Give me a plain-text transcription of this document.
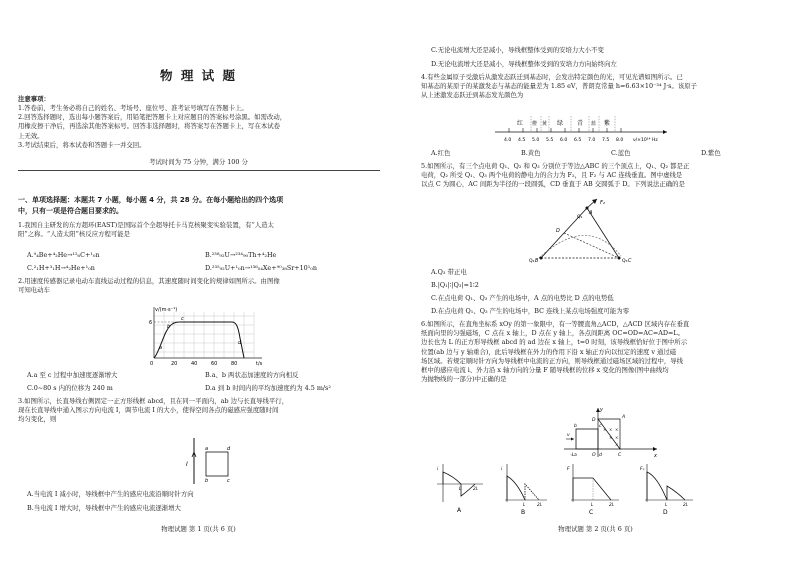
物 理 试 题
注意事项：
1.答卷前，考生务必将自己的姓名、考场号、座位号、准考证号填写在答题卡上。
2.回答选择题时，选出每小题答案后，用铅笔把答题卡上对应题目的答案标号涂黑。如需改动，
用橡皮擦干净后，再选涂其他答案标号。回答非选择题时，将答案写在答题卡上，写在本试卷
上无效。
3.考试结束后，将本试卷和答题卡一并交回。
考试时间为 75 分钟，满分 100 分
一、单项选择题：本题共 7 小题，每小题 4 分，共 28 分。在每小题给出的四个选项
中，只有一项是符合题目要求的。
1.我国自主研发的东方超环(EAST)是国际首个全超导托卡马克核聚变实验装置，有“人造太
阳”之称。“人造太阳”核反应方程可能是
A.⁹₄Be+⁴₂He→¹²₆C+¹₀n	B.²³⁸₉₂U→²³⁴₉₀Th+⁴₂He
C.²₁H+³₁H→⁴₂He+¹₀n	D.²³⁵₉₂U+¹₀n→¹³⁶₅₄Xe+⁹⁰₃₈Sr+10¹₀n
2.用速度传感器记录电动车直线运动过程的信息，其速度随时间变化的规律如图所示。由图像
可知电动车
v/(m·s⁻¹)
6
0	20	40	60	80	t/s
a
b
c
d
A.a 至 c 过程中加速度逐渐增大	B.a、b 两状态加速度的方向相反
C.0~80 s 内的位移为 240 m	D.a 到 b 时间内的平均加速度约为 4.5 m/s²
3.如图所示，长直导线右侧固定一正方形线框 abcd，且在同一平面内，ab 边与长直导线平行，
现在长直导线中通入图示方向电流 I，调节电流 I 的大小，使得空间各点的磁感应强度随时间
均匀变化，则
I
a	d
b	c
A.当电流 I 减小时，导线框中产生的感应电流沿顺时针方向
B.当电流 I 增大时，导线框中产生的感应电流逐渐增大
物理试题 第 1 页(共 6 页)
C.无论电流增大还是减小，导线框整体受到的安培力大小不变
D.无论电流增大还是减小，导线框整体受到的安培力方向始终向左
4.有些金属原子受激后从激发态跃迁到基态时，会发出特定颜色的光，可见光谱如图所示。已
知基态的某原子的某激发态与基态的能量差为 1.85 eV，普朗克常量 h=6.63×10⁻³⁴ J·s。该原子
从上述激发态跃迁到基态发光颜色为
红 橙 黄 绿 青 蓝 紫
4.0 4.5 5.0 5.5 6.0 6.5 7.0 7.5 8.0 ν/×10¹⁴ Hz
A.红色	B.黄色	C.蓝色	D.紫色
5.如图所示，有三个点电荷 Q₁、Q₂ 和 Q₃ 分别位于等边△ABC 的三个顶点上，Q₁、Q₂ 都是正
电荷，Q₂ 所受 Q₁、Q₃ 两个电荷的静电力的合力为 F₂，且 F₂ 与 AC 连线垂直。图中虚线是
以点 C 为圆心，AC 间距为半径的一段圆弧，CD 垂直于 AB 交圆弧于 D。下列说法正确的是
F₂
A
Q₁
Q₂ B	Q₃ C
D
A.Q₃ 带正电
B.|Q₁|∶|Q₃|=1∶2
C.在点电荷 Q₁、Q₃ 产生的电场中，A 点的电势比 D 点的电势低
D.在点电荷 Q₁、Q₃ 产生的电场中，BC 连线上某点电场强度可能为零
6.如图所示，在直角坐标系 xOy 的第一象限中，有一等腰直角△ACD，△ACD 区域内存在垂直
纸面向里的匀强磁场，C 点在 x 轴上，D 点在 y 轴上，各点间距离 OC=OD=AC=AD=L。
边长也为 L 的正方形导线框 abcd 的 ad 边在 x 轴上，t=0 时刻，该导线框恰好位于图中所示
位置(ab 边与 y 轴重合)，此后导线框在外力的作用下沿 x 轴正方向以恒定的速度 v 通过磁
场区域。若规定顺时针方向为导线框中电流的正方向，则导线框通过磁场区域的过程中，导线
框中的感应电流 i、外力沿 x 轴方向的分量 F 随导线框的位移 x 变化的图像(图中曲线均
为抛物线的一部分)中正确的是
× × ×
× ×
×
v
y
x
O	C
A
D
-L
b	c
a	d
i
L	2L
A
i
L	2L
B
F
L	2L
C
Fₓ
L	2L
D
物理试题 第 2 页(共 6 页)
